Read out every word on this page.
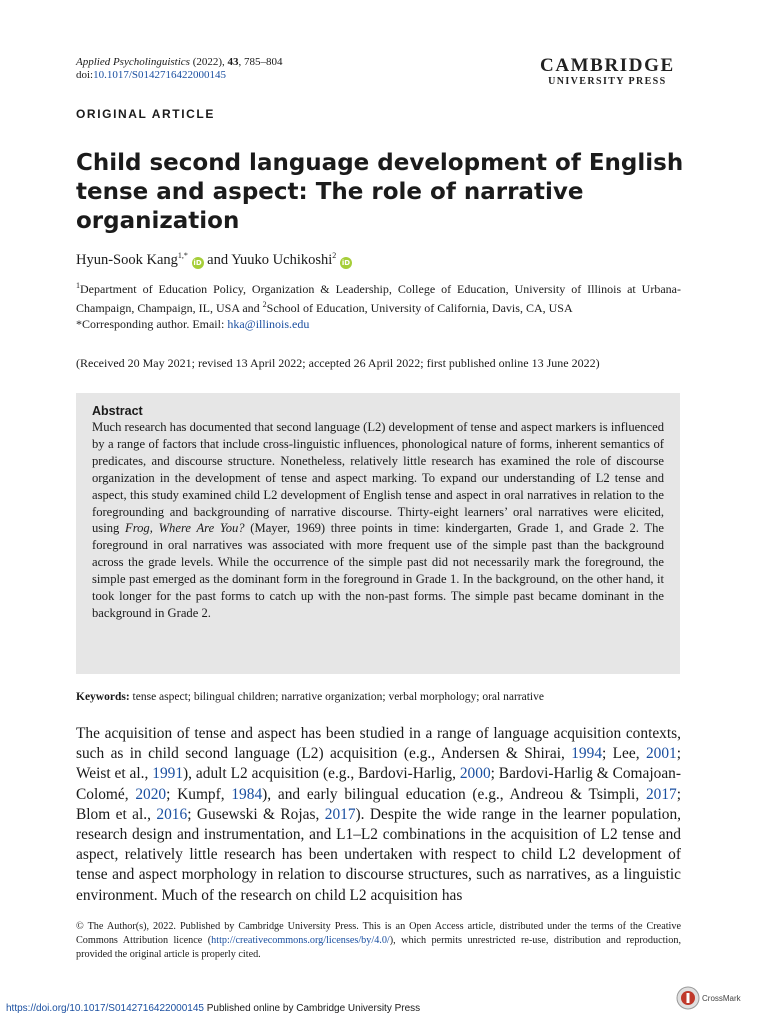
Applied Psycholinguistics (2022), 43, 785–804
doi:10.1017/S0142716422000145	CAMBRIDGE
UNIVERSITY PRESS
ORIGINAL ARTICLE
Child second language development of English tense and aspect: The role of narrative organization
Hyun-Sook Kang$^{1,*}$ iD and Yuuko Uchikoshi$^2$ iD
$^1$Department of Education Policy, Organization & Leadership, College of Education, University of Illinois at Urbana-Champaign, Champaign, IL, USA and $^2$School of Education, University of California, Davis, CA, USA
*Corresponding author. Email: hka@illinois.edu
(Received 20 May 2021; revised 13 April 2022; accepted 26 April 2022; first published online 13 June 2022)
Abstract

Much research has documented that second language (L2) development of tense and aspect markers is influenced by a range of factors that include cross-linguistic influences, phonological nature of forms, inherent semantics of predicates, and discourse structure. Nonetheless, relatively little research has examined the role of discourse organization in the development of tense and aspect marking. To expand our understanding of L2 tense and aspect, this study examined child L2 development of English tense and aspect in oral narratives in relation to the foregrounding and backgrounding of narrative discourse. Thirty-eight learners’ oral narratives were elicited, using Frog, Where Are You? (Mayer, 1969) three points in time: kindergarten, Grade 1, and Grade 2. The foreground in oral narratives was associated with more frequent use of the simple past than the background across the grade levels. While the occurrence of the simple past did not necessarily mark the foreground, the simple past emerged as the dominant form in the foreground in Grade 1. In the background, on the other hand, it took longer for the past forms to catch up with the non-past forms. The simple past became dominant in the background in Grade 2.

Keywords: tense aspect; bilingual children; narrative organization; verbal morphology; oral narrative
The acquisition of tense and aspect has been studied in a range of language acquisition contexts, such as in child second language (L2) acquisition (e.g., Andersen & Shirai, 1994; Lee, 2001; Weist et al., 1991), adult L2 acquisition (e.g., Bardovi-Harlig, 2000; Bardovi-Harlig & Comajoan-Colomé, 2020; Kumpf, 1984), and early bilingual education (e.g., Andreou & Tsimpli, 2017; Blom et al., 2016; Gusewski & Rojas, 2017). Despite the wide range in the learner population, research design and instrumentation, and L1–L2 combinations in the acquisition of L2 tense and aspect, relatively little research has been undertaken with respect to child L2 development of tense and aspect morphology in relation to discourse structures, such as narratives, as a linguistic environment. Much of the research on child L2 acquisition has
© The Author(s), 2022. Published by Cambridge University Press. This is an Open Access article, distributed under the terms of the Creative Commons Attribution licence (http://creativecommons.org/licenses/by/4.0/), which permits unrestricted re-use, distribution and reproduction, provided the original article is properly cited.
https://doi.org/10.1017/S0142716422000145 Published online by Cambridge University Press
CrossMark
